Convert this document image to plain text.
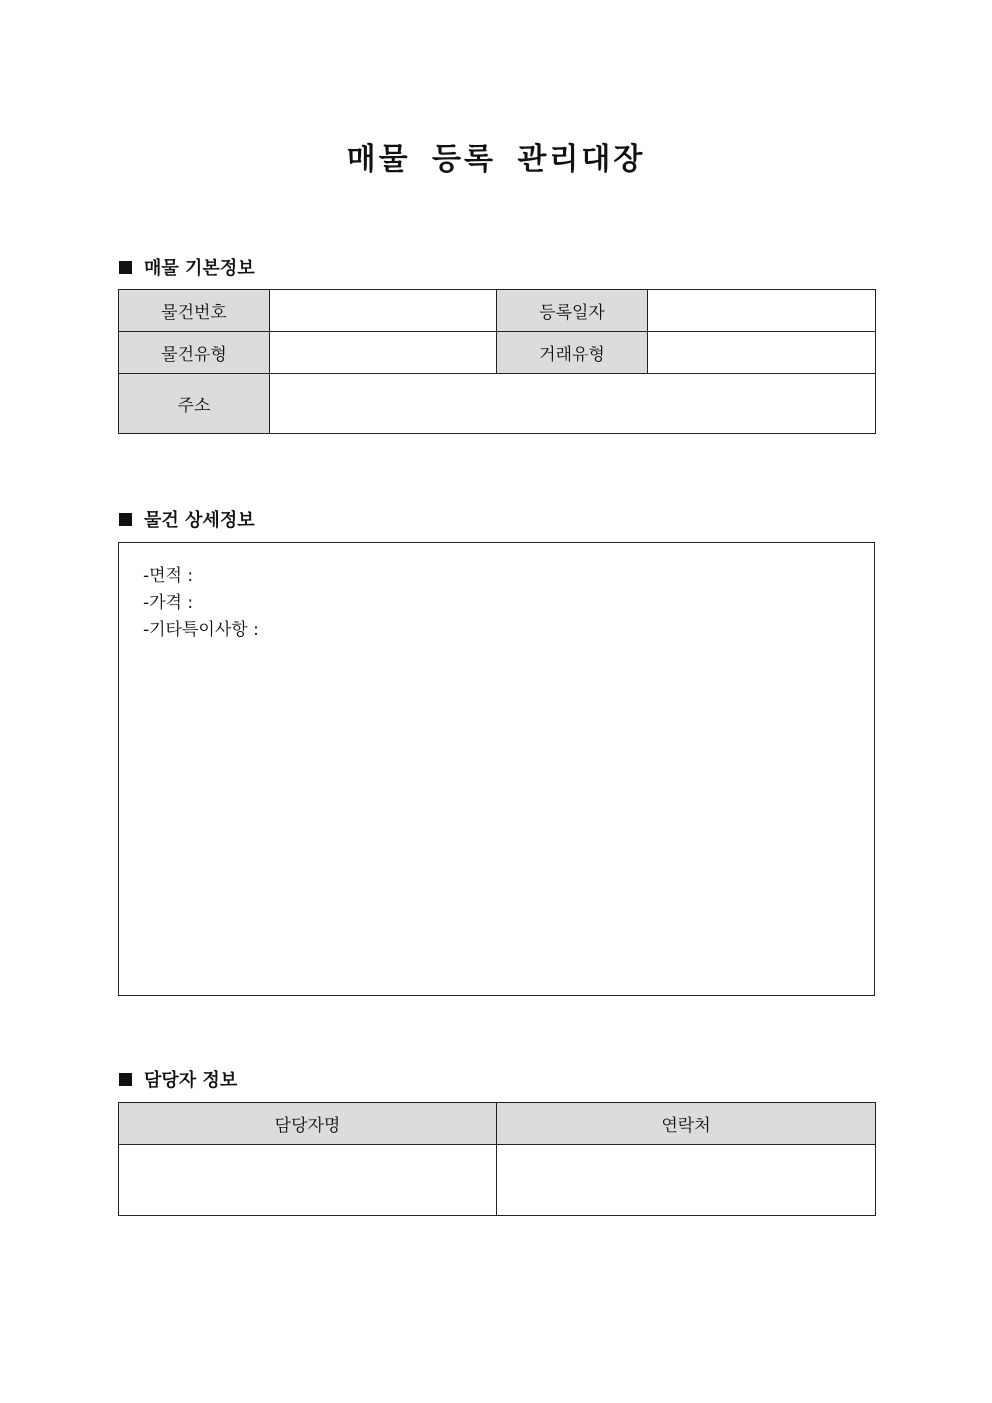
매물 등록 관리대장
매물 기본정보
물건번호		등록일자	
물건유형		거래유형	
주소			
물건 상세정보
-면적 :
-가격 :
-기타특이사항 :
담당자 정보
담당자명	연락처
